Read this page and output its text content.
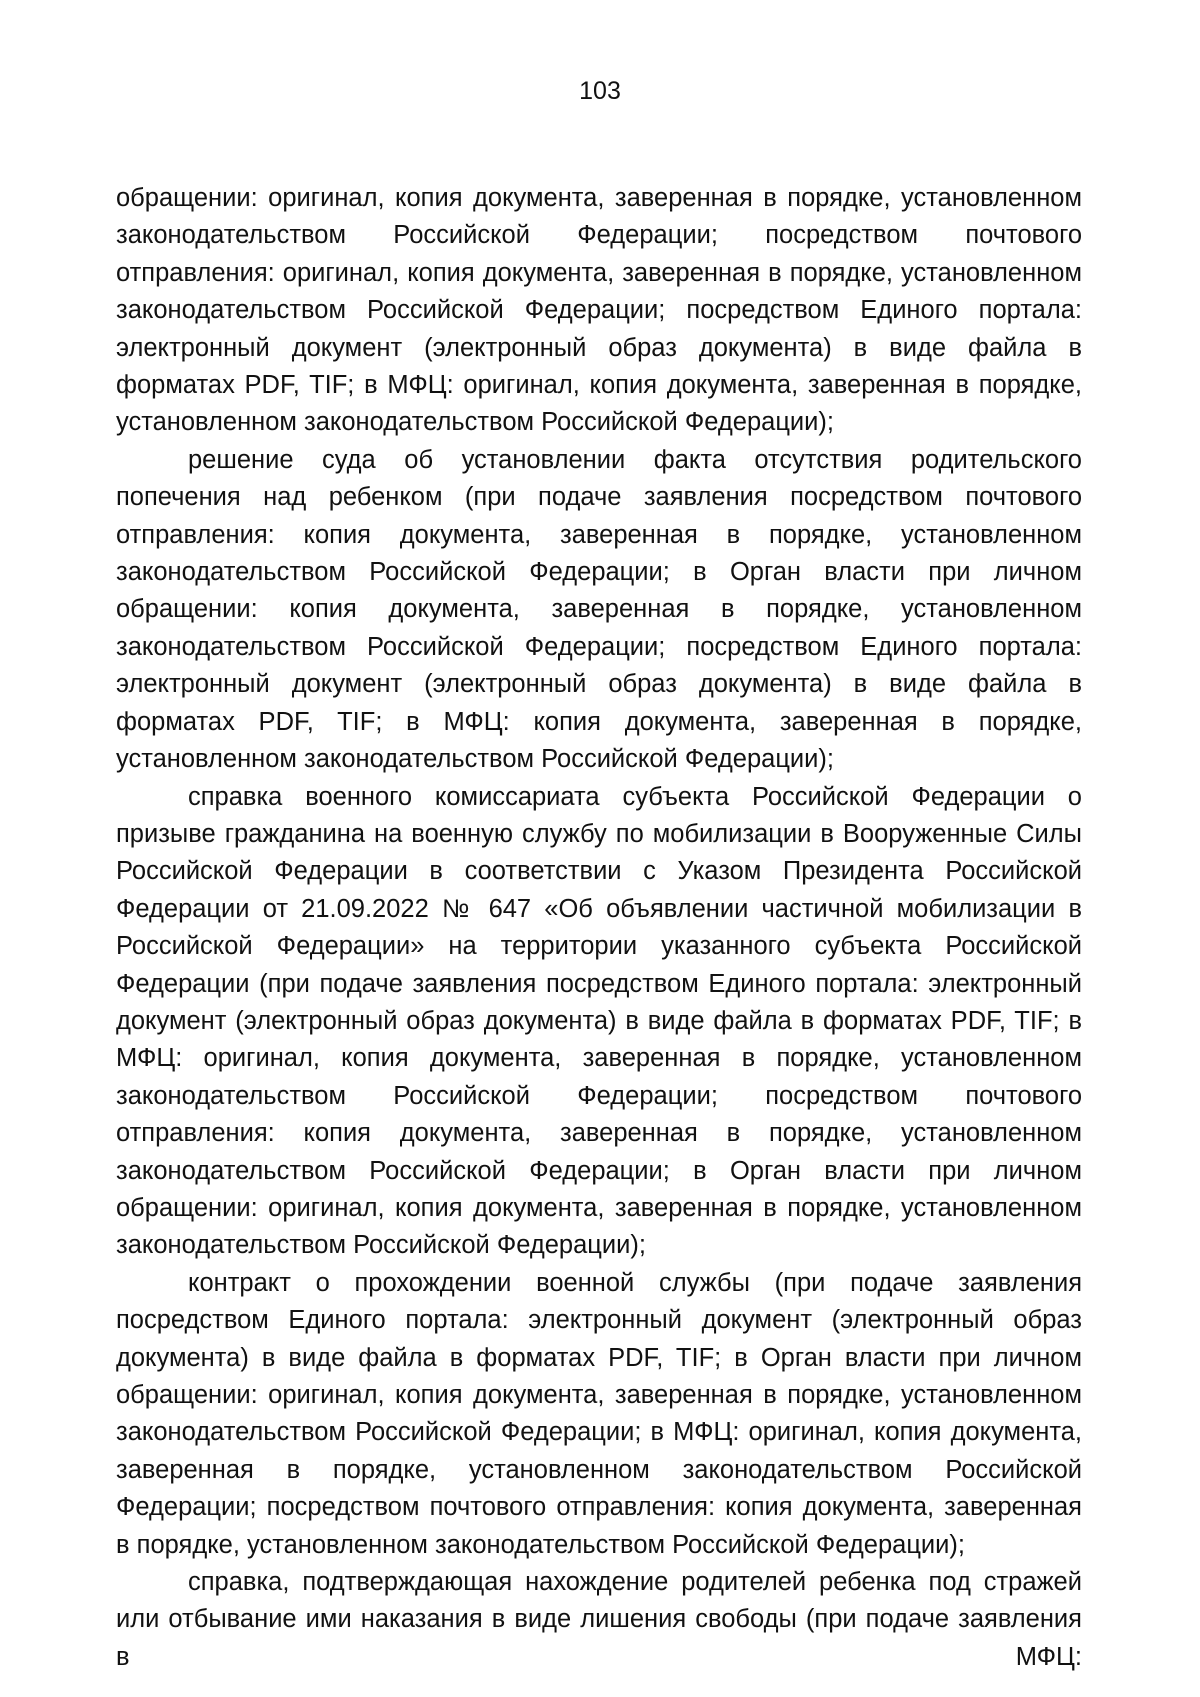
103

обращении: оригинал, копия документа, заверенная в порядке, установленном законодательством Российской Федерации; посредством почтового отправления: оригинал, копия документа, заверенная в порядке, установленном законодательством Российской Федерации; посредством Единого портала: электронный документ (электронный образ документа) в виде файла в форматах PDF, TIF; в МФЦ: оригинал, копия документа, заверенная в порядке, установленном законодательством Российской Федерации);

решение суда об установлении факта отсутствия родительского попечения над ребенком (при подаче заявления посредством почтового отправления: копия документа, заверенная в порядке, установленном законодательством Российской Федерации; в Орган власти при личном обращении: копия документа, заверенная в порядке, установленном законодательством Российской Федерации; посредством Единого портала: электронный документ (электронный образ документа) в виде файла в форматах PDF, TIF; в МФЦ: копия документа, заверенная в порядке, установленном законодательством Российской Федерации);

справка военного комиссариата субъекта Российской Федерации о призыве гражданина на военную службу по мобилизации в Вооруженные Силы Российской Федерации в соответствии с Указом Президента Российской Федерации от 21.09.2022 № 647 «Об объявлении частичной мобилизации в Российской Федерации» на территории указанного субъекта Российской Федерации (при подаче заявления посредством Единого портала: электронный документ (электронный образ документа) в виде файла в форматах PDF, TIF; в МФЦ: оригинал, копия документа, заверенная в порядке, установленном законодательством Российской Федерации; посредством почтового отправления: копия документа, заверенная в порядке, установленном законодательством Российской Федерации; в Орган власти при личном обращении: оригинал, копия документа, заверенная в порядке, установленном законодательством Российской Федерации);

контракт о прохождении военной службы (при подаче заявления посредством Единого портала: электронный документ (электронный образ документа) в виде файла в форматах PDF, TIF; в Орган власти при личном обращении: оригинал, копия документа, заверенная в порядке, установленном законодательством Российской Федерации; в МФЦ: оригинал, копия документа, заверенная в порядке, установленном законодательством Российской Федерации; посредством почтового отправления: копия документа, заверенная в порядке, установленном законодательством Российской Федерации);

справка, подтверждающая нахождение родителей ребенка под стражей или отбывание ими наказания в виде лишения свободы (при подаче заявления в МФЦ:
